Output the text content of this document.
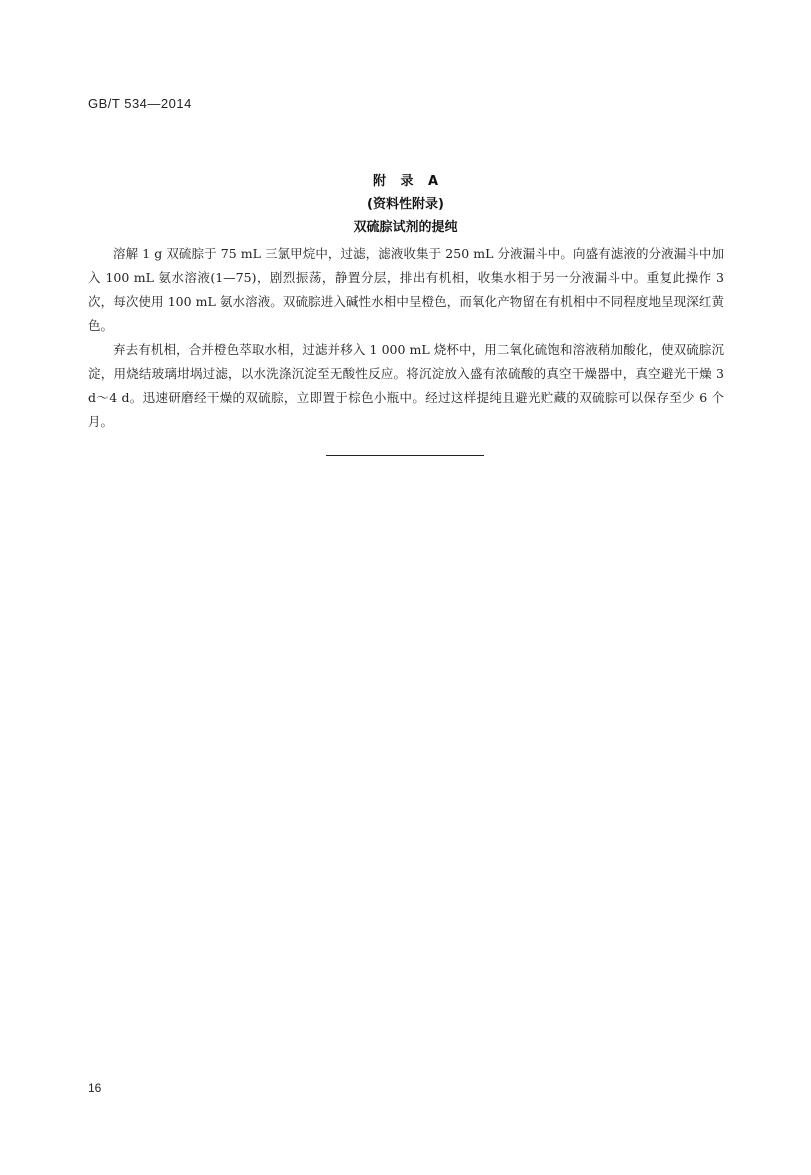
GB/T 534—2014
附 录 A
(资料性附录)
双硫腙试剂的提纯

溶解 1 g 双硫腙于 75 mL 三氯甲烷中，过滤，滤液收集于 250 mL 分液漏斗中。向盛有滤液的分液漏斗中加入 100 mL 氨水溶液(1—75)，剧烈振荡，静置分层，排出有机相，收集水相于另一分液漏斗中。重复此操作 3 次，每次使用 100 mL 氨水溶液。双硫腙进入碱性水相中呈橙色，而氧化产物留在有机相中不同程度地呈现深红黄色。

弃去有机相，合并橙色萃取水相，过滤并移入 1 000 mL 烧杯中，用二氧化硫饱和溶液稍加酸化，使双硫腙沉淀，用烧结玻璃坩埚过滤，以水洗涤沉淀至无酸性反应。将沉淀放入盛有浓硫酸的真空干燥器中，真空避光干燥 3 d～4 d。迅速研磨经干燥的双硫腙，立即置于棕色小瓶中。经过这样提纯且避光贮藏的双硫腙可以保存至少 6 个月。

16
